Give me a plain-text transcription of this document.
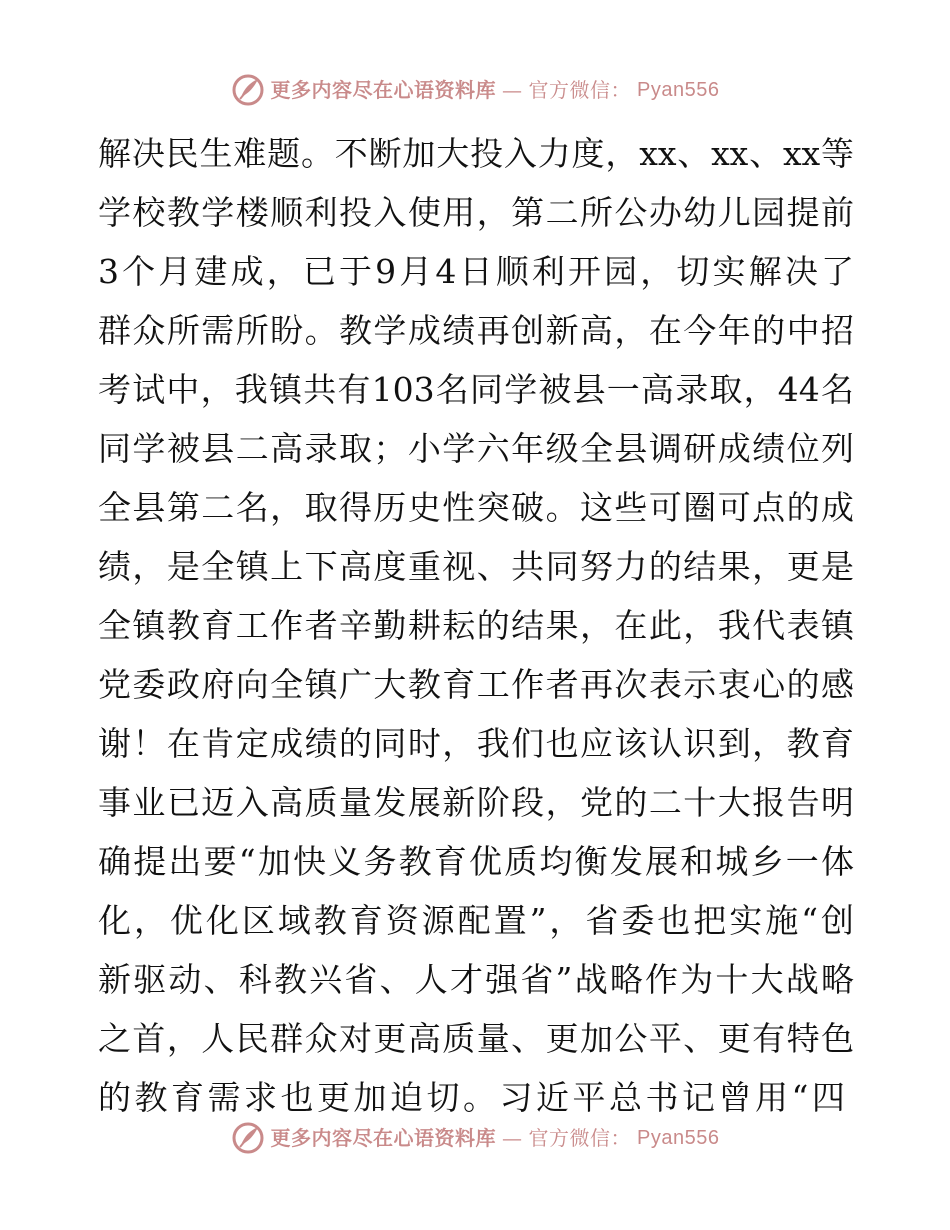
更多内容尽在心语资料库 — 官方微信： Pyan556
解决民生难题。不断加大投入力度，xx、xx、xx等
学校教学楼顺利投入使用，第二所公办幼儿园提前
3个月建成，已于9月4日顺利开园，切实解决了
群众所需所盼。教学成绩再创新高，在今年的中招
考试中，我镇共有103名同学被县一高录取，44名
同学被县二高录取；小学六年级全县调研成绩位列
全县第二名，取得历史性突破。这些可圈可点的成
绩，是全镇上下高度重视、共同努力的结果，更是
全镇教育工作者辛勤耕耘的结果，在此，我代表镇
党委政府向全镇广大教育工作者再次表示衷心的感
谢！在肯定成绩的同时，我们也应该认识到，教育
事业已迈入高质量发展新阶段，党的二十大报告明
确提出要“加快义务教育优质均衡发展和城乡一体
化，优化区域教育资源配置”，省委也把实施“创
新驱动、科教兴省、人才强省”战略作为十大战略
之首，人民群众对更高质量、更加公平、更有特色
的教育需求也更加迫切。习近平总书记曾用“四
更多内容尽在心语资料库 — 官方微信： Pyan556
